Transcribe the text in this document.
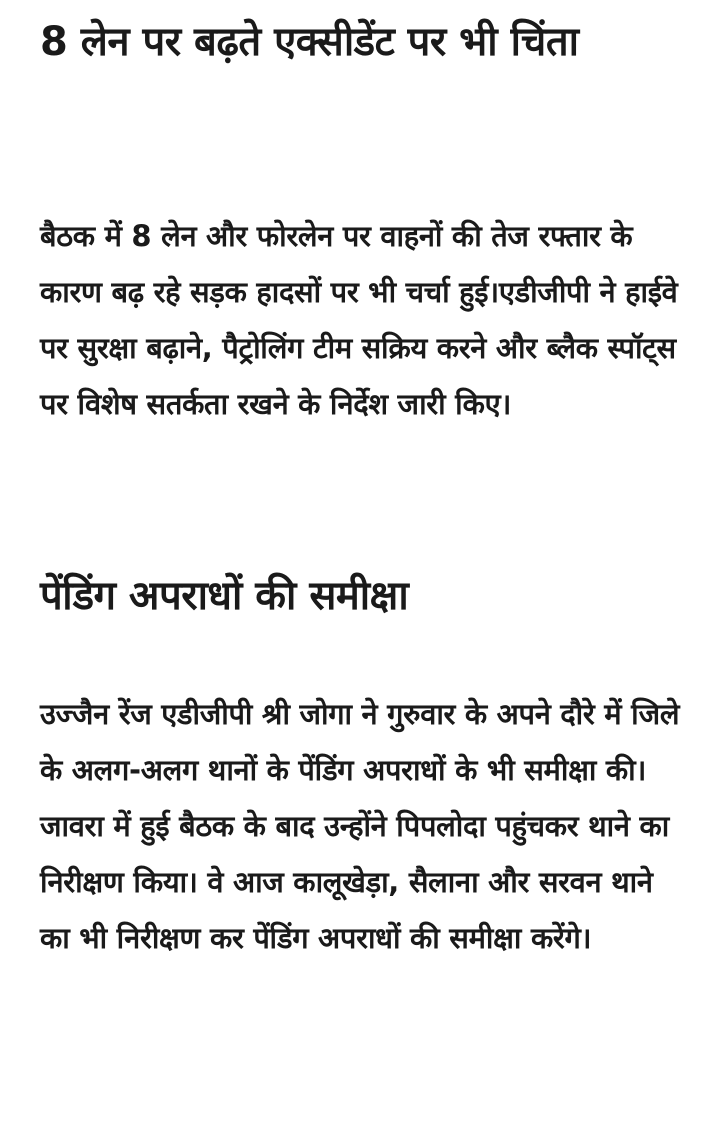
8 लेन पर बढ़ते एक्सीडेंट पर भी चिंता

बैठक में 8 लेन और फोरलेन पर वाहनों की तेज रफ्तार के कारण बढ़ रहे सड़क हादसों पर भी चर्चा हुई।एडीजीपी ने हाईवे पर सुरक्षा बढ़ाने, पैट्रोलिंग टीम सक्रिय करने और ब्लैक स्पॉट्स पर विशेष सतर्कता रखने के निर्देश जारी किए।

पेंडिंग अपराधों की समीक्षा

उज्जैन रेंज एडीजीपी श्री जोगा ने गुरुवार के अपने दौरे में जिले के अलग-अलग थानों के पेंडिंग अपराधों के भी समीक्षा की। जावरा में हुई बैठक के बाद उन्होंने पिपलोदा पहुंचकर थाने का निरीक्षण किया। वे आज कालूखेड़ा, सैलाना और सरवन थाने का भी निरीक्षण कर पेंडिंग अपराधों की समीक्षा करेंगे।
